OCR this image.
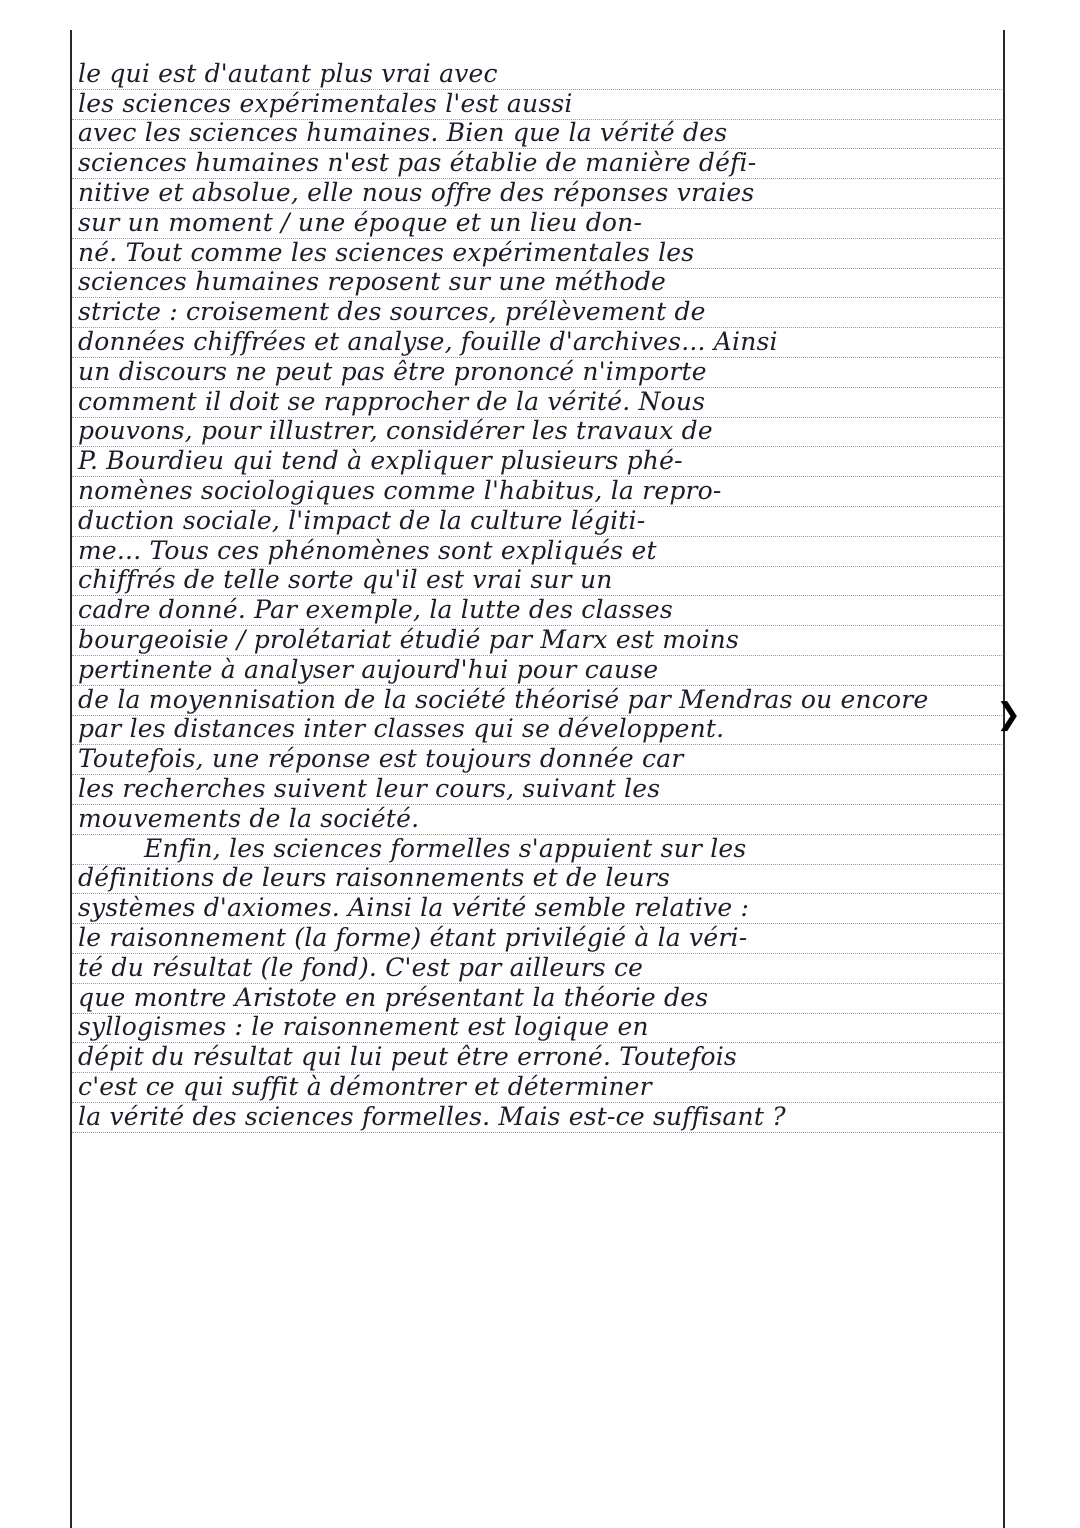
le qui est d'autant plus vrai avec
les sciences expérimentales l'est aussi
avec les sciences humaines. Bien que la vérité des
sciences humaines n'est pas établie de manière défi-
nitive et absolue, elle nous offre des réponses vraies
sur un moment / une époque et un lieu don-
né. Tout comme les sciences expérimentales les
sciences humaines reposent sur une méthode
stricte : croisement des sources, prélèvement de
données chiffrées et analyse, fouille d'archives... Ainsi
un discours ne peut pas être prononcé n'importe
comment il doit se rapprocher de la vérité. Nous
pouvons, pour illustrer, considérer les travaux de
P. Bourdieu qui tend à expliquer plusieurs phé-
nomènes sociologiques comme l'habitus, la repro-
duction sociale, l'impact de la culture légiti-
me... Tous ces phénomènes sont expliqués et
chiffrés de telle sorte qu'il est vrai sur un
cadre donné. Par exemple, la lutte des classes
bourgeoisie / prolétariat étudié par Marx est moins
pertinente à analyser aujourd'hui pour cause
de la moyennisation de la société théorisé par Mendras ou encore
par les distances inter classes qui se développent.
Toutefois, une réponse est toujours donnée car
les recherches suivent leur cours, suivant les
mouvements de la société.
Enfin, les sciences formelles s'appuient sur les
définitions de leurs raisonnements et de leurs
systèmes d'axiomes. Ainsi la vérité semble relative :
le raisonnement (la forme) étant privilégié à la véri-
té du résultat (le fond). C'est par ailleurs ce
que montre Aristote en présentant la théorie des
syllogismes : le raisonnement est logique en
dépit du résultat qui lui peut être erroné. Toutefois
c'est ce qui suffit à démontrer et déterminer
la vérité des sciences formelles. Mais est-ce suffisant ?
❯
